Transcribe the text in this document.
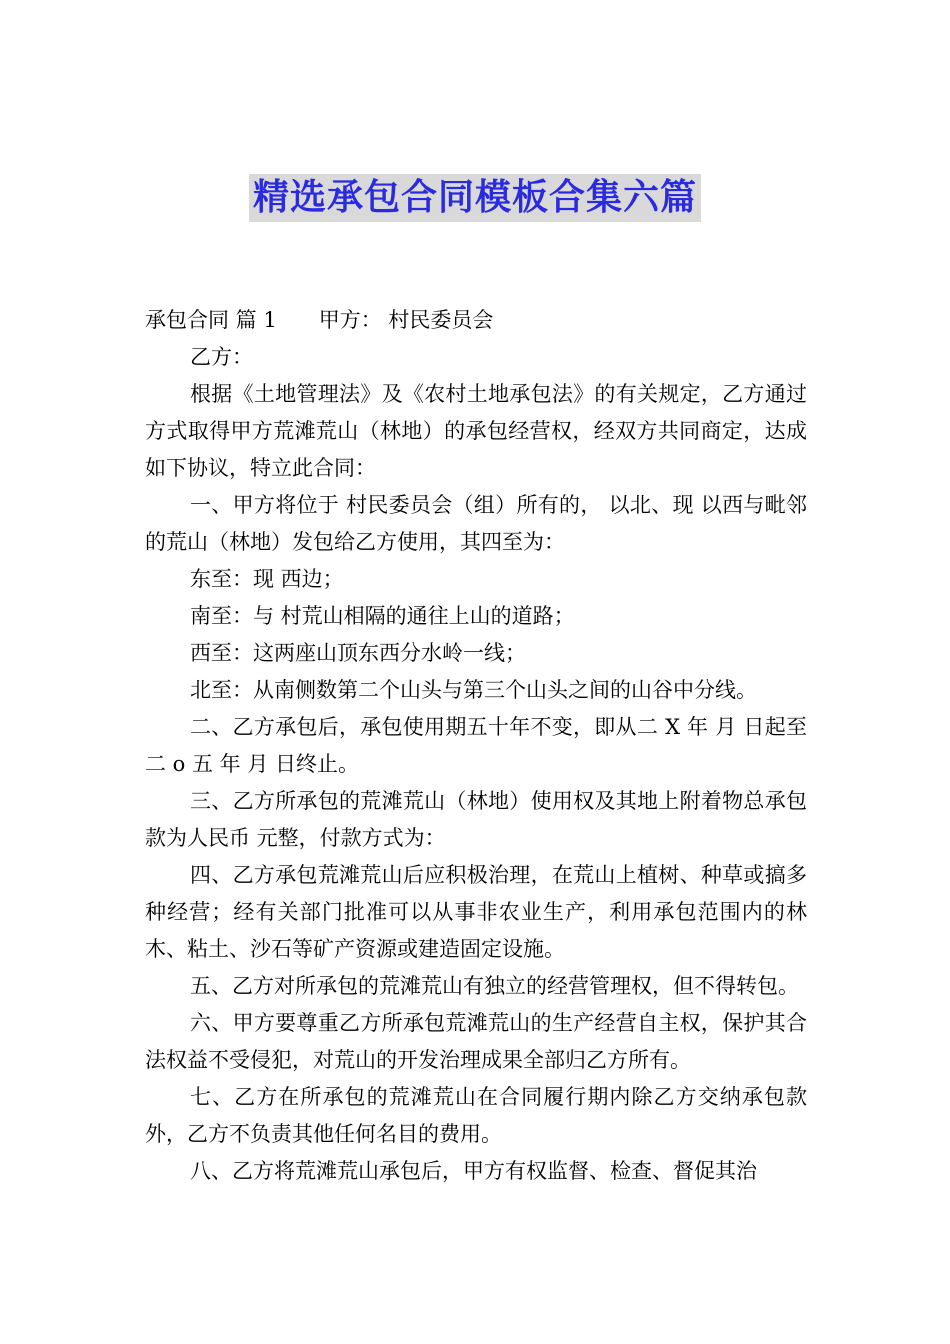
精选承包合同模板合集六篇
承包合同 篇 1 甲方： 村民委员会
乙方：
根据《土地管理法》及《农村土地承包法》的有关规定，乙方通过 方式取得甲方荒滩荒山（林地）的承包经营权，经双方共同商定，达成如下协议，特立此合同：
一、甲方将位于 村民委员会（组）所有的， 以北、现 以西与毗邻的荒山（林地）发包给乙方使用，其四至为：
东至：现 西边；
南至：与 村荒山相隔的通往上山的道路；
西至：这两座山顶东西分水岭一线；
北至：从南侧数第二个山头与第三个山头之间的山谷中分线。
二、乙方承包后，承包使用期五十年不变，即从二 X 年 月 日起至二 o 五 年 月 日终止。
三、乙方所承包的荒滩荒山（林地）使用权及其地上附着物总承包款为人民币 元整，付款方式为：
四、乙方承包荒滩荒山后应积极治理，在荒山上植树、种草或搞多种经营；经有关部门批准可以从事非农业生产，利用承包范围内的林木、粘土、沙石等矿产资源或建造固定设施。
五、乙方对所承包的荒滩荒山有独立的经营管理权，但不得转包。
六、甲方要尊重乙方所承包荒滩荒山的生产经营自主权，保护其合法权益不受侵犯，对荒山的开发治理成果全部归乙方所有。
七、乙方在所承包的荒滩荒山在合同履行期内除乙方交纳承包款外，乙方不负责其他任何名目的费用。
八、乙方将荒滩荒山承包后，甲方有权监督、检查、督促其治
